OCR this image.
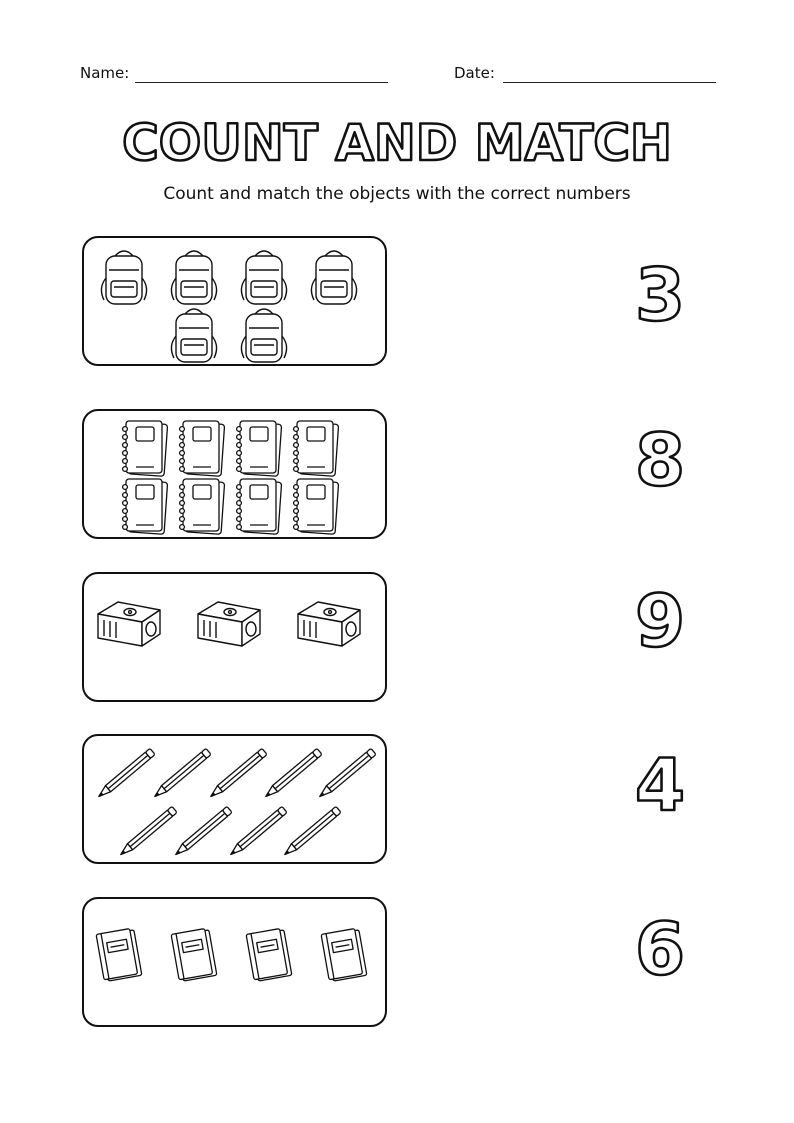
Name:	Date:
COUNT AND MATCH
Count and match the objects with the correct numbers
3
8
9
4
6
